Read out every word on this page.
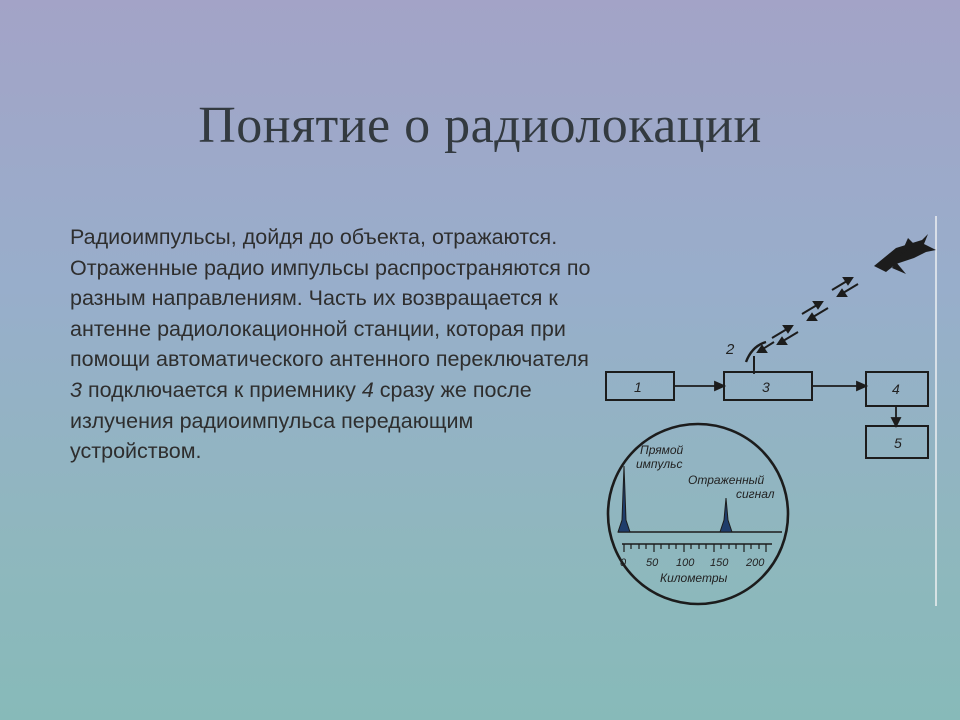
Понятие о радиолокации
Радиоимпульсы, дойдя до объекта, отражаются. Отраженные радио импульсы распространяются по разным направлениям. Часть их возвращается к антенне радиолокационной станции, которая при помощи автоматического антенного переключателя 3 подключается к приемнику 4 сразу же после излучения радиоимпульса передающим устройством.
2
1	3	4
5
Прямой
импульс
Отраженный
сигнал
0 50 100 150 200
Километры
